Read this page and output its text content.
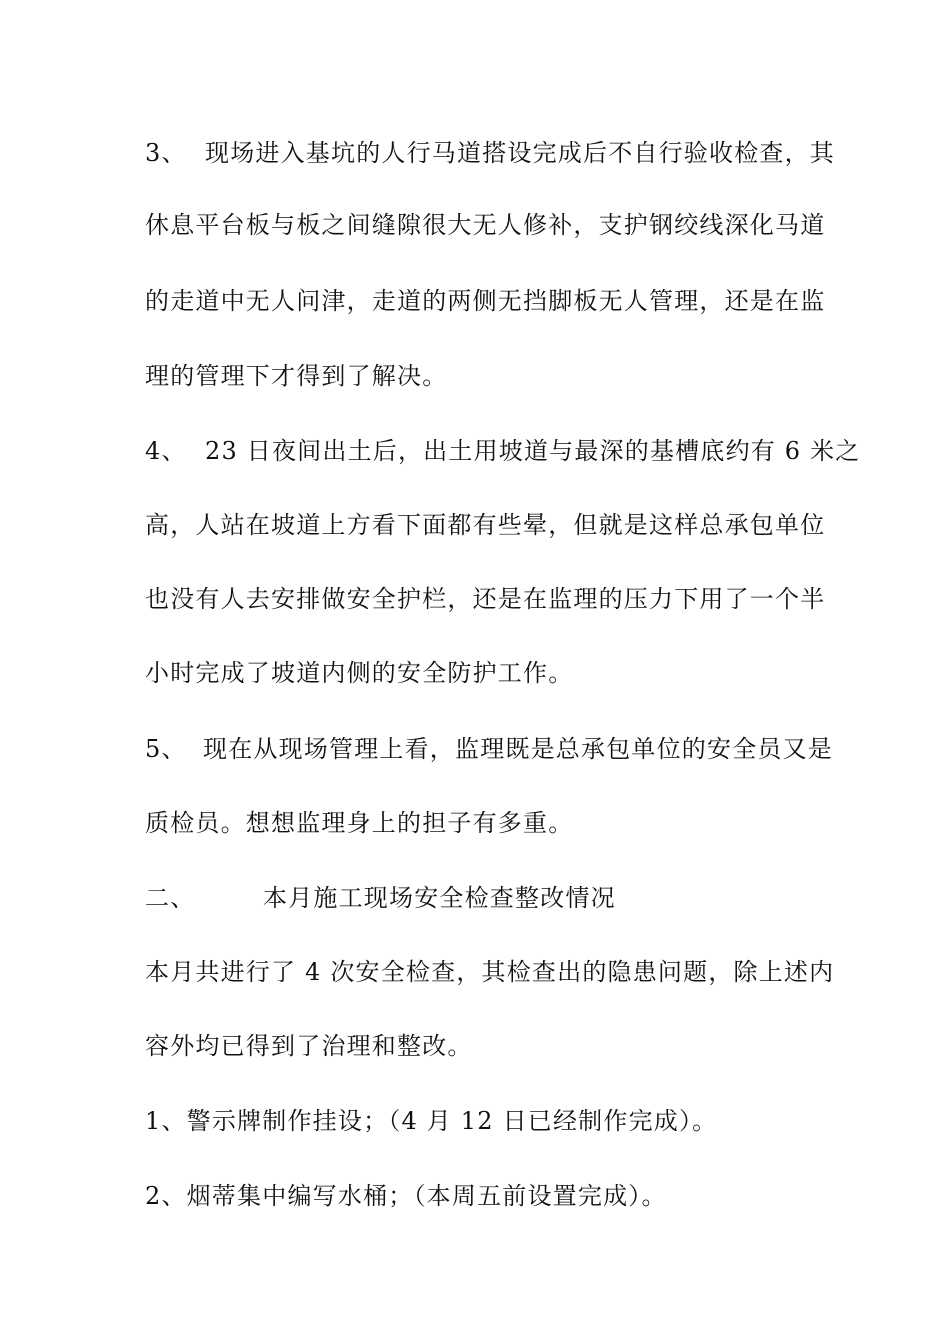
3、 现场进入基坑的人行马道搭设完成后不自行验收检查，其
休息平台板与板之间缝隙很大无人修补，支护钢绞线深化马道
的走道中无人问津，走道的两侧无挡脚板无人管理，还是在监
理的管理下才得到了解决。
4、 23 日夜间出土后，出土用坡道与最深的基槽底约有 6 米之
高，人站在坡道上方看下面都有些晕，但就是这样总承包单位
也没有人去安排做安全护栏，还是在监理的压力下用了一个半
小时完成了坡道内侧的安全防护工作。
5、 现在从现场管理上看，监理既是总承包单位的安全员又是
质检员。想想监理身上的担子有多重。
二、	本月施工现场安全检查整改情况
本月共进行了 4 次安全检查，其检查出的隐患问题，除上述内
容外均已得到了治理和整改。
1、警示牌制作挂设；（4 月 12 日已经制作完成）。
2、烟蒂集中编写水桶；（本周五前设置完成）。
